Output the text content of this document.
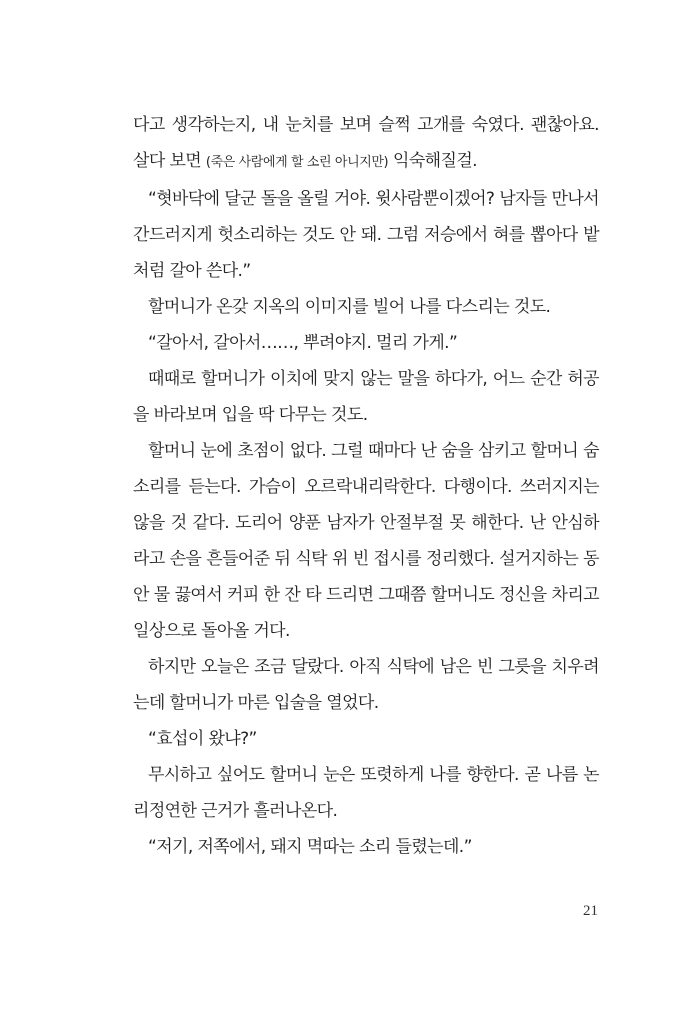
다고 생각하는지, 내 눈치를 보며 슬쩍 고개를 숙였다. 괜찮아요. 살다 보면 (죽은 사람에게 할 소린 아니지만) 익숙해질걸.

“혓바닥에 달군 돌을 올릴 거야. 윗사람뿐이겠어? 남자들 만나서 간드러지게 헛소리하는 것도 안 돼. 그럼 저승에서 혀를 뽑아다 밭처럼 갈아 쓴다.”

할머니가 온갖 지옥의 이미지를 빌어 나를 다스리는 것도.

“갈아서, 갈아서……, 뿌려야지. 멀리 가게.”

때때로 할머니가 이치에 맞지 않는 말을 하다가, 어느 순간 허공을 바라보며 입을 딱 다무는 것도.

할머니 눈에 초점이 없다. 그럴 때마다 난 숨을 삼키고 할머니 숨소리를 듣는다. 가슴이 오르락내리락한다. 다행이다. 쓰러지지는 않을 것 같다. 도리어 양푼 남자가 안절부절 못 해한다. 난 안심하라고 손을 흔들어준 뒤 식탁 위 빈 접시를 정리했다. 설거지하는 동안 물 끓여서 커피 한 잔 타 드리면 그때쯤 할머니도 정신을 차리고 일상으로 돌아올 거다.

하지만 오늘은 조금 달랐다. 아직 식탁에 남은 빈 그릇을 치우려는데 할머니가 마른 입술을 열었다.

“효섭이 왔냐?”

무시하고 싶어도 할머니 눈은 또렷하게 나를 향한다. 곧 나름 논리정연한 근거가 흘러나온다.

“저기, 저쪽에서, 돼지 멱따는 소리 들렸는데.”

21
